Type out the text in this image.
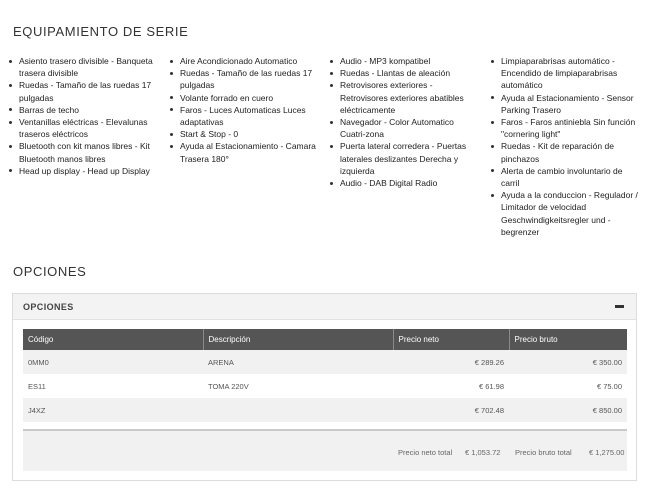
EQUIPAMIENTO DE SERIE
Asiento trasero divisible - Banqueta trasera divisible
Ruedas - Tamaño de las ruedas 17 pulgadas
Barras de techo
Ventanillas eléctricas - Elevalunas traseros eléctricos
Bluetooth con kit manos libres - Kit Bluetooth manos libres
Head up display - Head up Display
Aire Acondicionado Automatico
Ruedas - Tamaño de las ruedas 17 pulgadas
Volante forrado en cuero
Faros - Luces Automaticas Luces adaptativas
Start & Stop - 0
Ayuda al Estacionamiento - Camara Trasera 180°
Audio - MP3 kompatibel
Ruedas - Llantas de aleación
Retrovisores exteriores - Retrovisores exteriores abatibles eléctricamente
Navegador - Color Automatico Cuatri-zona
Puerta lateral corredera - Puertas laterales deslizantes Derecha y izquierda
Audio - DAB Digital Radio
Limpiaparabrisas automático - Encendido de limpiaparabrisas automático
Ayuda al Estacionamiento - Sensor Parking Trasero
Faros - Faros antiniebla Sin función "cornering light"
Ruedas - Kit de reparación de pinchazos
Alerta de cambio involuntario de carril
Ayuda a la conduccion - Regulador / Limitador de velocidad Geschwindigkeitsregler und -begrenzer
OPCIONES
OPCIONES
Código	Descripción	Precio neto	Precio bruto
0MM0	ARENA	€ 289.26	€ 350.00
ES11	TOMA 220V	€ 61.98	€ 75.00
J4XZ		€ 702.48	€ 850.00
Precio neto total € 1,053.72 Precio bruto total € 1,275.00
